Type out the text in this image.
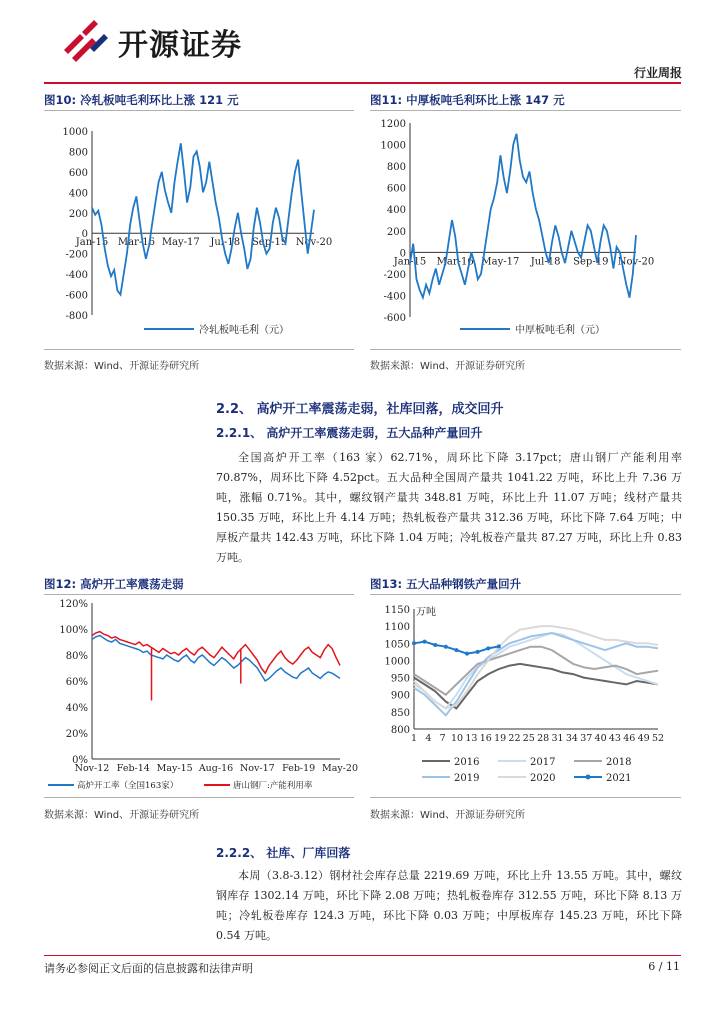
开源证券
行业周报
图10: 冷轧板吨毛利环比上涨 121 元
1000
800
600
400
200
0
-200
-400
-600
-800
Jan-15 Mar-16 May-17 Jul-18 Sep-19 Nov-20
冷轧板吨毛利（元）
数据来源：Wind、开源证券研究所
图11: 中厚板吨毛利环比上涨 147 元
1200
1000
800
600
400
200
0
-200
-400
-600
Jan-15 Mar-16 May-17 Jul-18 Sep-19 Nov-20
中厚板吨毛利（元）
数据来源：Wind、开源证券研究所
2.2、 高炉开工率震荡走弱，社库回落，成交回升
2.2.1、 高炉开工率震荡走弱，五大品种产量回升
全国高炉开工率（163 家）62.71%，周环比下降 3.17pct；唐山钢厂产能利用率 70.87%，周环比下降 4.52pct。五大品种全国周产量共 1041.22 万吨，环比上升 7.36 万吨，涨幅 0.71%。其中，螺纹钢产量共 348.81 万吨，环比上升 11.07 万吨；线材产量共 150.35 万吨，环比上升 4.14 万吨；热轧板卷产量共 312.36 万吨，环比下降 7.64 万吨；中厚板产量共 142.43 万吨，环比下降 1.04 万吨；冷轧板卷产量共 87.27 万吨，环比上升 0.83 万吨。
图12: 高炉开工率震荡走弱
120%
100%
80%
60%
40%
20%
0%
Nov-12 Feb-14 May-15 Aug-16 Nov-17 Feb-19 May-20
高炉开工率（全国163家）	唐山钢厂:产能利用率
数据来源：Wind、开源证券研究所
图13: 五大品种钢铁产量回升
1150
1100
1050
1000
950
900
850
800
1 4 7 10 13 16 19 22 25 28 31 34 37 40 43 46 49 52
万吨
2016	2017	2018
2019	2020	2021
数据来源：Wind、开源证券研究所
2.2.2、 社库、厂库回落
本周（3.8-3.12）钢材社会库存总量 2219.69 万吨，环比上升 13.55 万吨。其中，螺纹钢库存 1302.14 万吨，环比下降 2.08 万吨；热轧板卷库存 312.55 万吨，环比下降 8.13 万吨；冷轧板卷库存 124.3 万吨，环比下降 0.03 万吨；中厚板库存 145.23 万吨，环比下降 0.54 万吨。
请务必参阅正文后面的信息披露和法律声明	6 / 11
